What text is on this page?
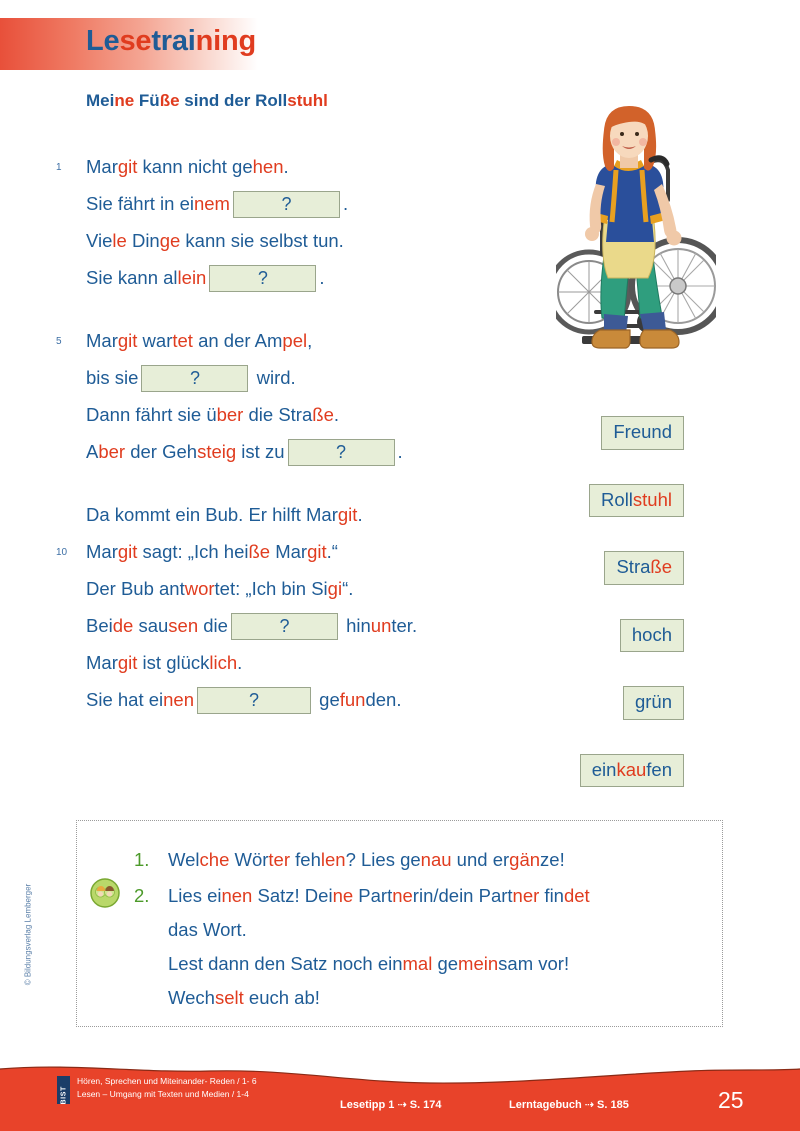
Lesetraining
Meine Füße sind der Rollstuhl
1 Margit kann nicht gehen.
Sie fährt in einem	?	.
Viele Dinge kann sie selbst tun.
Sie kann allein	?	.
5 Margit wartet an der Ampel,
bis sie	?	wird.
Dann fährt sie über die Straße.
Aber der Gehsteig ist zu	?	.
Da kommt ein Bub. Er hilft Margit.
10 Margit sagt: „Ich heiße Margit.“
Der Bub antwortet: „Ich bin Sigi“.
Beide sausen die	?	hinunter.
Margit ist glücklich.
Sie hat einen	?	gefunden.
Freund
Rollstuhl
Straße
hoch
grün
einkaufen
1.	Welche Wörter fehlen? Lies genau und ergänze!
2.	Lies einen Satz! Deine Partnerin/dein Partner findet
das Wort.
Lest dann den Satz noch einmal gemeinsam vor!
Wechselt euch ab!
© Bildungsverlag Lemberger
BIST
Hören, Sprechen und Miteinander- Reden / 1- 6
Lesen – Umgang mit Texten und Medien / 1-4
Lesetipp 1 ⇢ S. 174	Lerntagebuch ⇢ S. 185	25
